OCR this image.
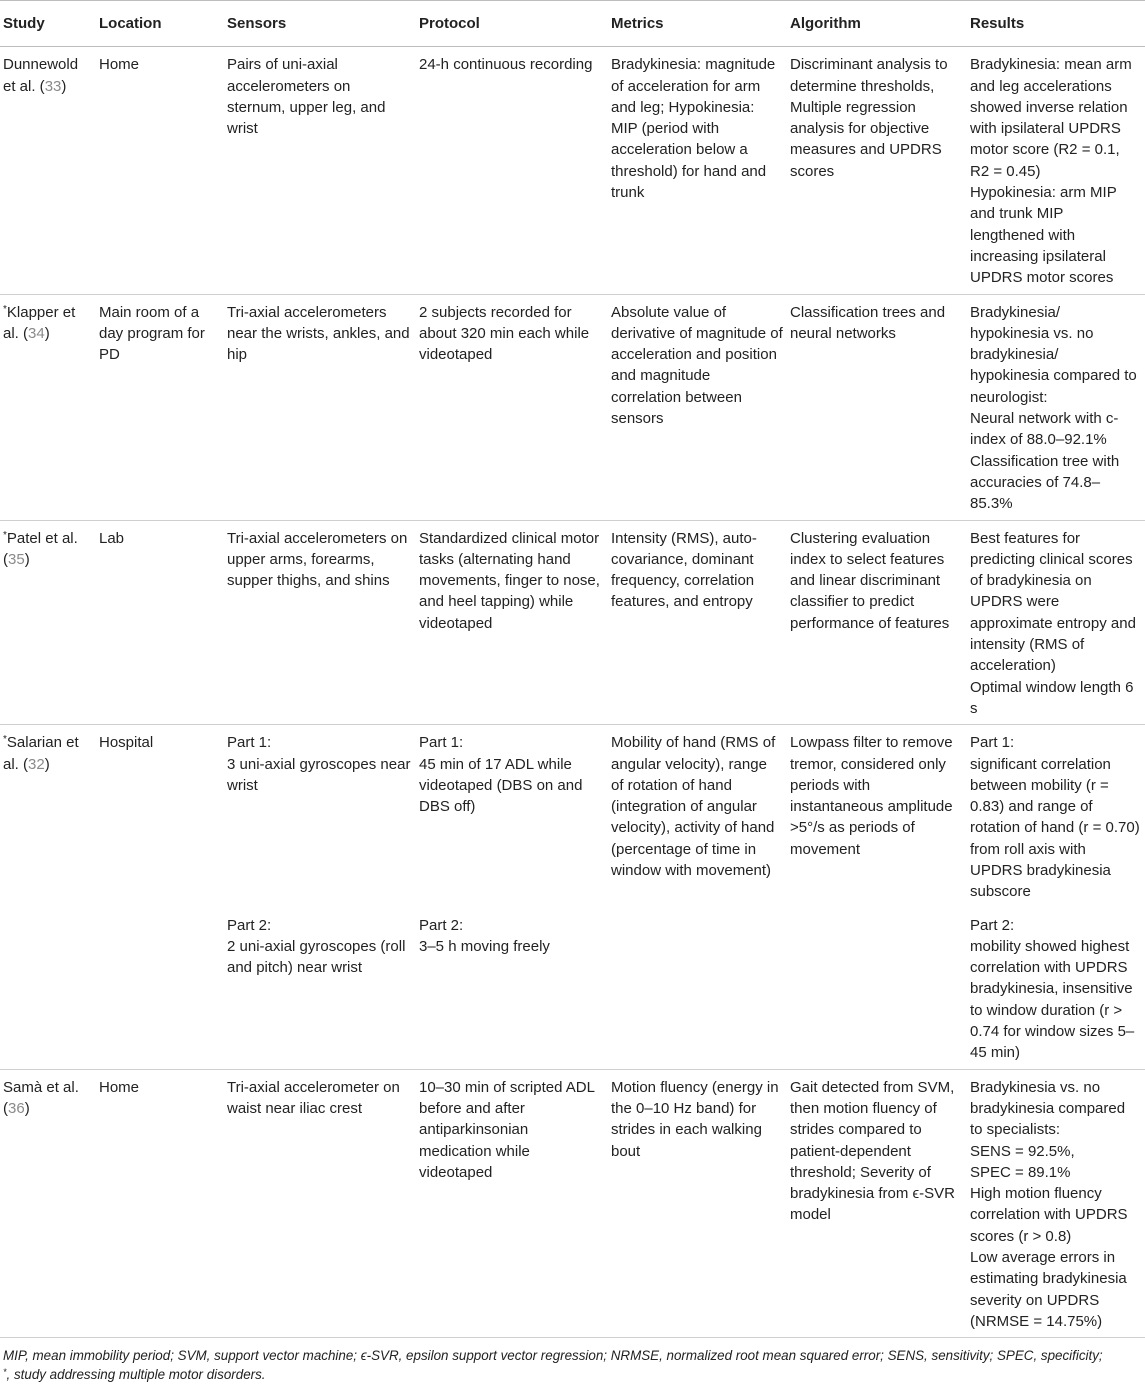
Study	Location	Sensors	Protocol	Metrics	Algorithm	Results
Dunnewold et al. (33)	Home	Pairs of uni-axial accelerometers on sternum, upper leg, and wrist	24-h continuous recording	Bradykinesia: magnitude of acceleration for arm and leg; Hypokinesia: MIP (period with acceleration below a threshold) for hand and trunk	Discriminant analysis to determine thresholds, Multiple regression analysis for objective measures and UPDRS scores	Bradykinesia: mean arm and leg accelerations showed inverse relation with ipsilateral UPDRS motor score (R2 = 0.1, R2 = 0.45)
Hypokinesia: arm MIP and trunk MIP lengthened with increasing ipsilateral UPDRS motor scores

*Klapper et al. (34)	Main room of a day program for PD	Tri-axial accelerometers near the wrists, ankles, and hip	2 subjects recorded for about 320 min each while videotaped	Absolute value of derivative of magnitude of acceleration and position and magnitude correlation between sensors	Classification trees and neural networks	Bradykinesia/ hypokinesia vs. no bradykinesia/ hypokinesia compared to neurologist:
Neural network with c-index of 88.0–92.1%
Classification tree with accuracies of 74.8–85.3%

*Patel et al. (35)	Lab	Tri-axial accelerometers on upper arms, forearms, supper thighs, and shins	Standardized clinical motor tasks (alternating hand movements, finger to nose, and heel tapping) while videotaped	Intensity (RMS), auto-covariance, dominant frequency, correlation features, and entropy	Clustering evaluation index to select features and linear discriminant classifier to predict performance of features	Best features for predicting clinical scores of bradykinesia on UPDRS were approximate entropy and intensity (RMS of acceleration)
Optimal window length 6 s

*Salarian et al. (32)	Hospital	Part 1:
3 uni-axial gyroscopes near wrist	Part 1:
45 min of 17 ADL while videotaped (DBS on and DBS off)	Mobility of hand (RMS of angular velocity), range of rotation of hand (integration of angular velocity), activity of hand (percentage of time in window with movement)	Lowpass filter to remove tremor, considered only periods with instantaneous amplitude >5°/s as periods of movement	Part 1:
significant correlation between mobility (r = 0.83) and range of rotation of hand (r = 0.70) from roll axis with UPDRS bradykinesia subscore

		Part 2:
2 uni-axial gyroscopes (roll and pitch) near wrist	Part 2:
3–5 h moving freely			Part 2:
mobility showed highest correlation with UPDRS bradykinesia, insensitive to window duration (r > 0.74 for window sizes 5–45 min)

Samà et al. (36)	Home	Tri-axial accelerometer on waist near iliac crest	10–30 min of scripted ADL before and after antiparkinsonian medication while videotaped	Motion fluency (energy in the 0–10 Hz band) for strides in each walking bout	Gait detected from SVM, then motion fluency of strides compared to patient-dependent threshold; Severity of bradykinesia from ϵ-SVR model	Bradykinesia vs. no bradykinesia compared to specialists:
SENS = 92.5%,
SPEC = 89.1%
High motion fluency correlation with UPDRS scores (r > 0.8)
Low average errors in estimating bradykinesia severity on UPDRS (NRMSE = 14.75%)
MIP, mean immobility period; SVM, support vector machine; ϵ-SVR, epsilon support vector regression; NRMSE, normalized root mean squared error; SENS, sensitivity; SPEC, specificity;
*, study addressing multiple motor disorders.
